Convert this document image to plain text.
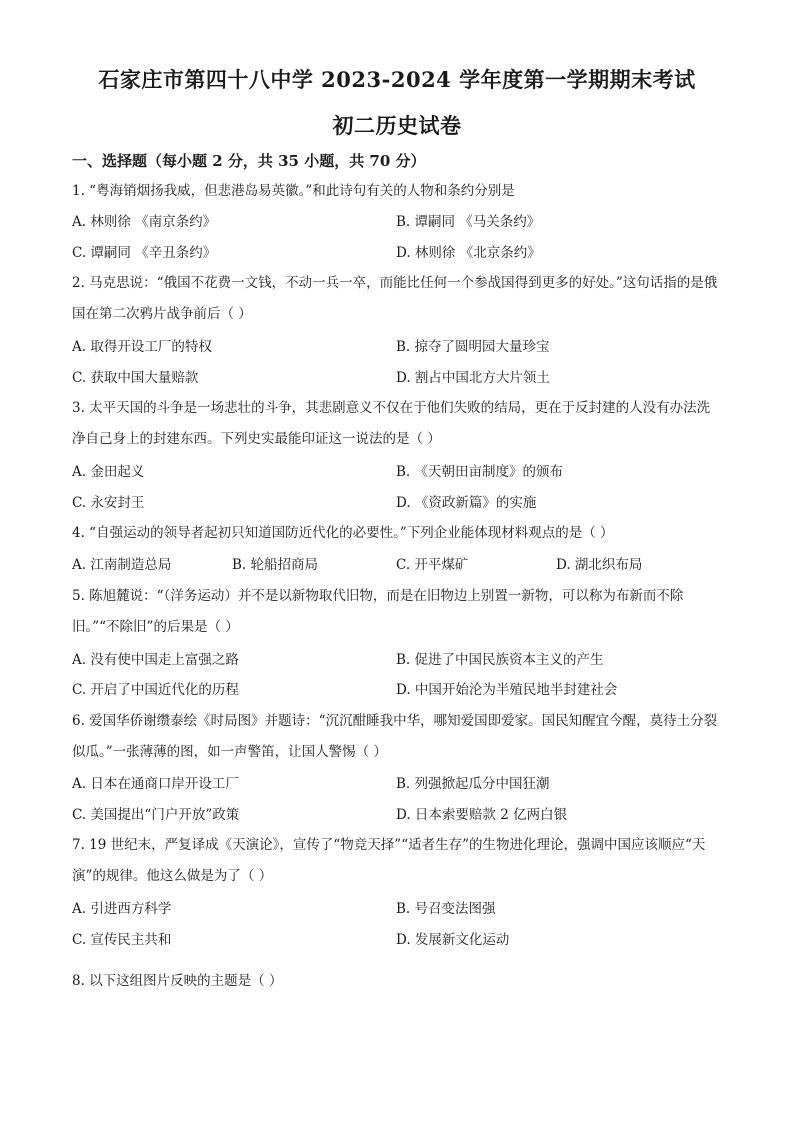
石家庄市第四十八中学 2023-2024 学年度第一学期期末考试
初二历史试卷
一、选择题（每小题 2 分，共 35 小题，共 70 分）
1. “粤海销烟扬我威，但悲港岛易英徽。”和此诗句有关的人物和条约分别是
A. 林则徐 《南京条约》	B. 谭嗣同 《马关条约》
C. 谭嗣同 《辛丑条约》	D. 林则徐 《北京条约》
2. 马克思说：“俄国不花费一文钱，不动一兵一卒，而能比任何一个参战国得到更多的好处。”这句话指的是俄国在第二次鸦片战争前后（ ）
A. 取得开设工厂的特权	B. 掠夺了圆明园大量珍宝
C. 获取中国大量赔款	D. 割占中国北方大片领土
3. 太平天国的斗争是一场悲壮的斗争，其悲剧意义不仅在于他们失败的结局，更在于反封建的人没有办法洗净自己身上的封建东西。下列史实最能印证这一说法的是（ ）
A. 金田起义	B. 《天朝田亩制度》的颁布
C. 永安封王	D. 《资政新篇》的实施
4. “自强运动的领导者起初只知道国防近代化的必要性。”下列企业能体现材料观点的是（ ）
A. 江南制造总局	B. 轮船招商局	C. 开平煤矿	D. 湖北织布局
5. 陈旭麓说：“（洋务运动）并不是以新物取代旧物，而是在旧物边上别置一新物，可以称为布新而不除旧。”“不除旧”的后果是（ ）
A. 没有使中国走上富强之路	B. 促进了中国民族资本主义的产生
C. 开启了中国近代化的历程	D. 中国开始沦为半殖民地半封建社会
6. 爱国华侨谢缵泰绘《时局图》并题诗：“沉沉酣睡我中华，哪知爱国即爱家。国民知醒宜今醒，莫待土分裂似瓜。”一张薄薄的图，如一声警笛，让国人警惕（ ）
A. 日本在通商口岸开设工厂	B. 列强掀起瓜分中国狂潮
C. 美国提出“门户开放”政策	D. 日本索要赔款 2 亿两白银
7. 19 世纪末，严复译成《天演论》，宣传了“物竞天择”“适者生存”的生物进化理论，强调中国应该顺应“天演”的规律。他这么做是为了（ ）
A. 引进西方科学	B. 号召变法图强
C. 宣传民主共和	D. 发展新文化运动
8. 以下这组图片反映的主题是（ ）
